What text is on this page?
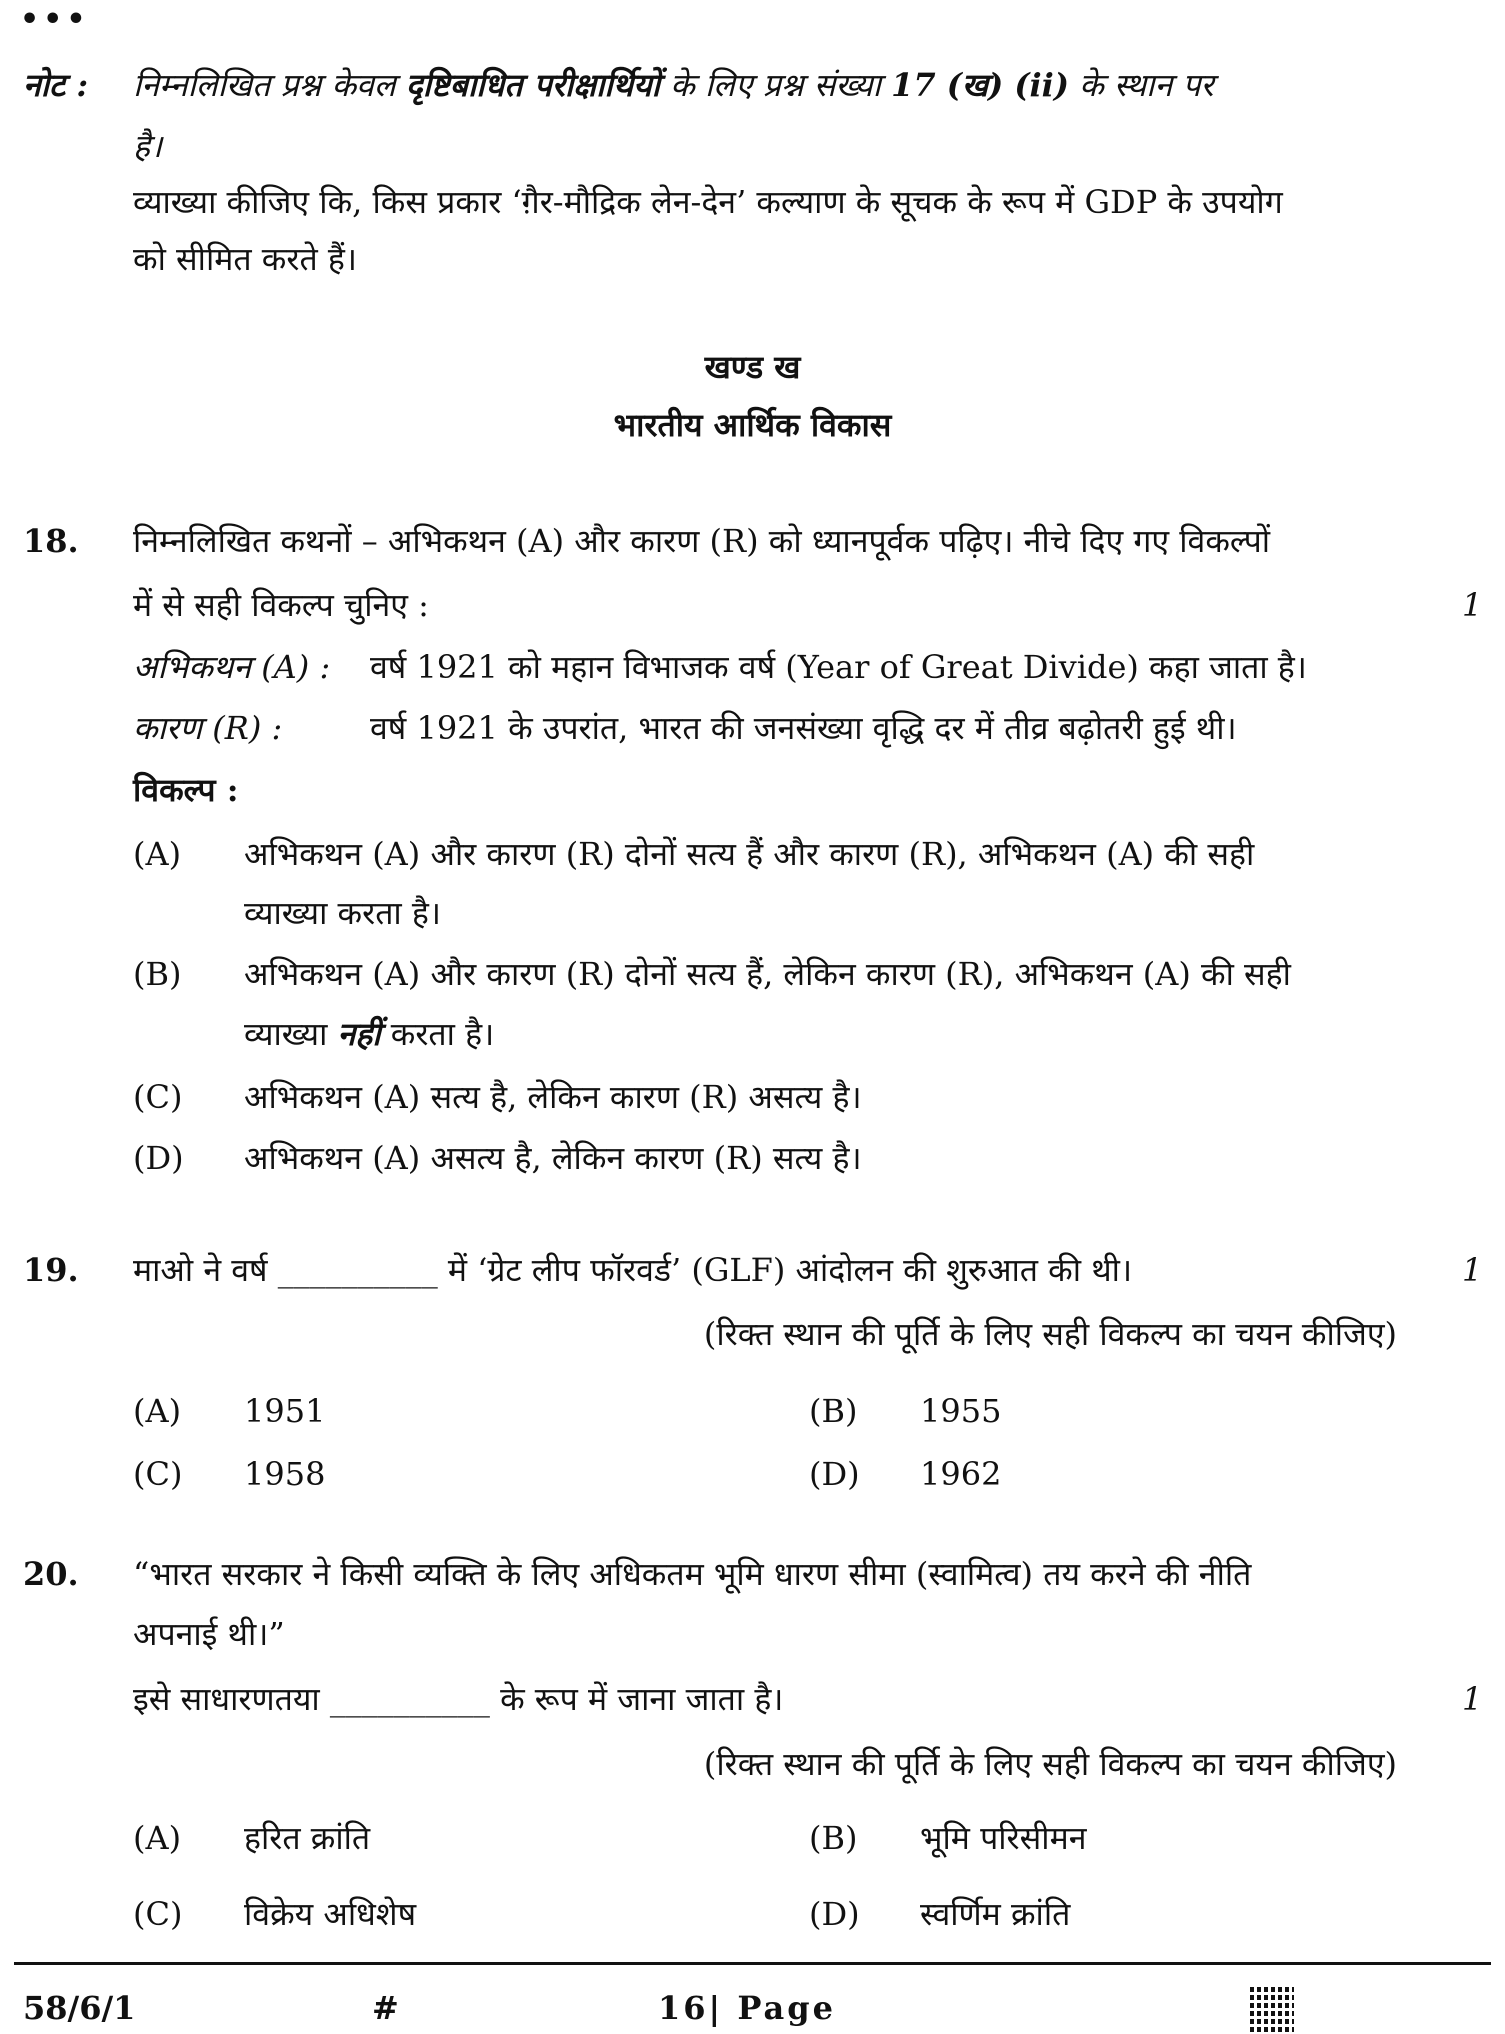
•••
नोट : निम्नलिखित प्रश्न केवल दृष्टिबाधित परीक्षार्थियों के लिए प्रश्न संख्या 17 (ख) (ii) के स्थान पर
है।
व्याख्या कीजिए कि, किस प्रकार ‘ग़ैर-मौद्रिक लेन-देन’ कल्याण के सूचक के रूप में GDP के उपयोग
को सीमित करते हैं।
खण्ड ख
भारतीय आर्थिक विकास
18. निम्नलिखित कथनों – अभिकथन (A) और कारण (R) को ध्यानपूर्वक पढ़िए। नीचे दिए गए विकल्पों
में से सही विकल्प चुनिए :	1
अभिकथन (A) : वर्ष 1921 को महान विभाजक वर्ष (Year of Great Divide) कहा जाता है।
कारण (R) :	वर्ष 1921 के उपरांत, भारत की जनसंख्या वृद्धि दर में तीव्र बढ़ोतरी हुई थी।
विकल्प :
(A) अभिकथन (A) और कारण (R) दोनों सत्य हैं और कारण (R), अभिकथन (A) की सही
व्याख्या करता है।
(B) अभिकथन (A) और कारण (R) दोनों सत्य हैं, लेकिन कारण (R), अभिकथन (A) की सही
व्याख्या नहीं करता है।
(C) अभिकथन (A) सत्य है, लेकिन कारण (R) असत्य है।
(D) अभिकथन (A) असत्य है, लेकिन कारण (R) सत्य है।
19. माओ ने वर्ष __________ में ‘ग्रेट लीप फॉरवर्ड’ (GLF) आंदोलन की शुरुआत की थी।	1
(रिक्त स्थान की पूर्ति के लिए सही विकल्प का चयन कीजिए)
(A) 1951	(B) 1955
(C) 1958	(D) 1962
20. “भारत सरकार ने किसी व्यक्ति के लिए अधिकतम भूमि धारण सीमा (स्वामित्व) तय करने की नीति
अपनाई थी।”
इसे साधारणतया __________ के रूप में जाना जाता है।	1
(रिक्त स्थान की पूर्ति के लिए सही विकल्प का चयन कीजिए)
(A) हरित क्रांति	(B) भूमि परिसीमन
(C) विक्रेय अधिशेष	(D) स्वर्णिम क्रांति
58/6/1	#	16| Page
